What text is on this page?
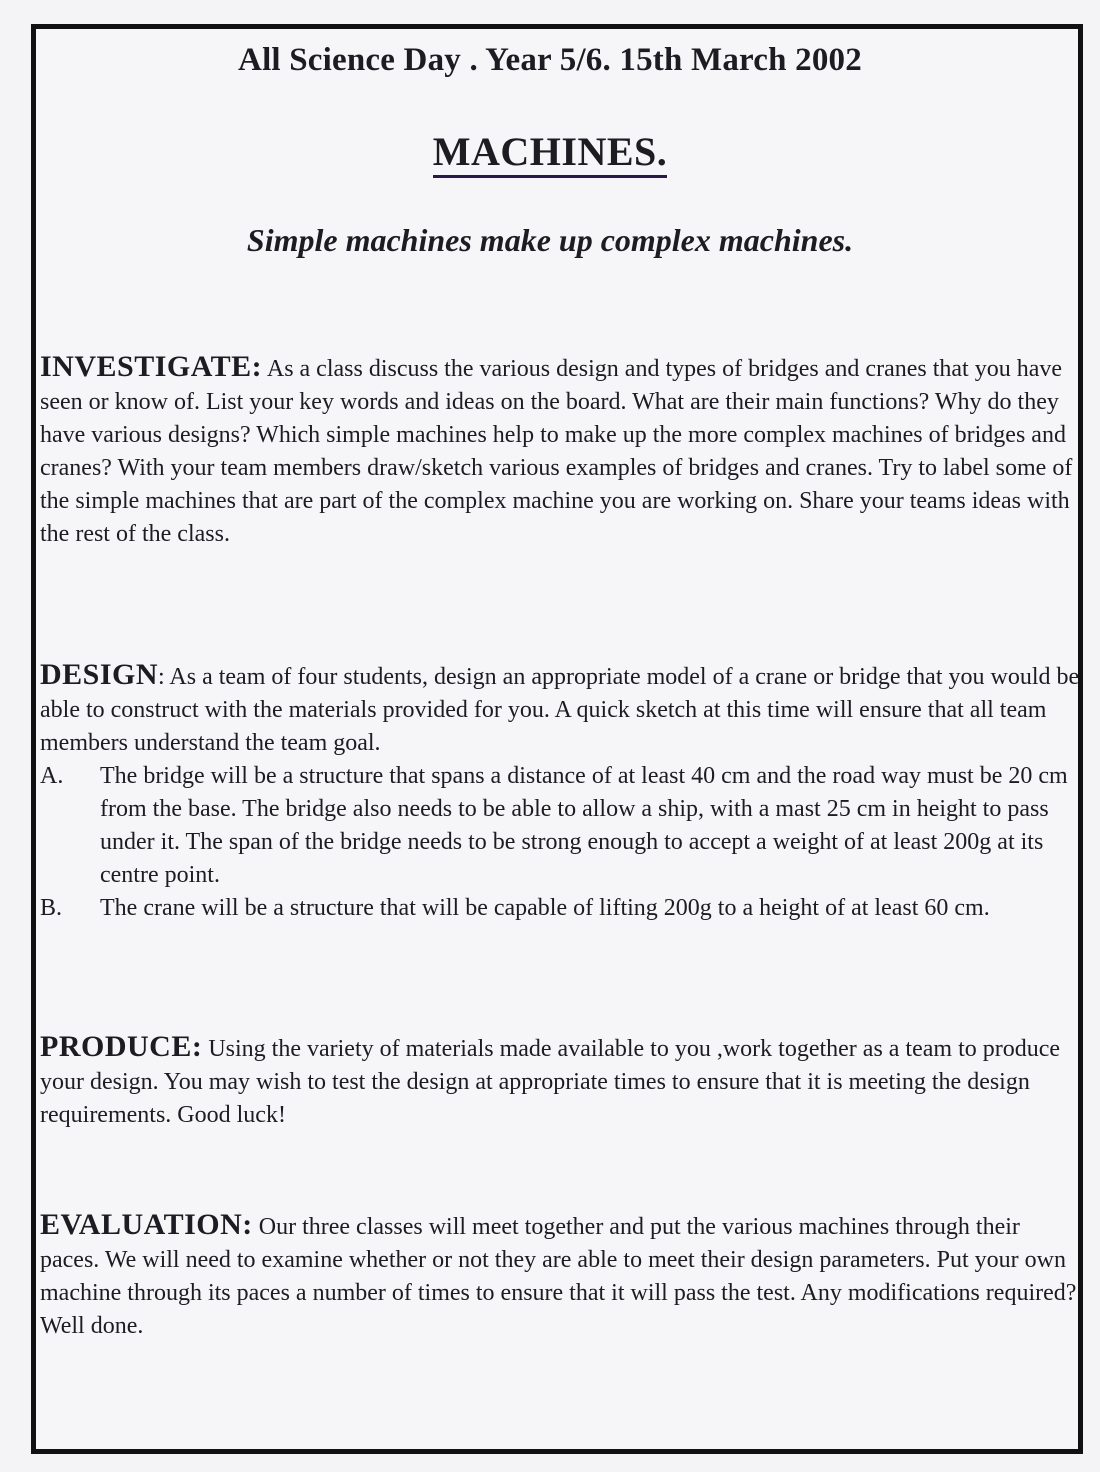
All Science Day . Year 5/6. 15th March 2002
MACHINES.
Simple machines make up complex machines.
INVESTIGATE: As a class discuss the various design and types of bridges and cranes that you have seen or know of. List your key words and ideas on the board. What are their main functions? Why do they have various designs? Which simple machines help to make up the more complex machines of bridges and cranes? With your team members draw/sketch various examples of bridges and cranes. Try to label some of the simple machines that are part of the complex machine you are working on. Share your teams ideas with the rest of the class.
DESIGN: As a team of four students, design an appropriate model of a crane or bridge that you would be able to construct with the materials provided for you. A quick sketch at this time will ensure that all team members understand the team goal.
A.	The bridge will be a structure that spans a distance of at least 40 cm and the road way must be 20 cm from the base. The bridge also needs to be able to allow a ship, with a mast 25 cm in height to pass under it. The span of the bridge needs to be strong enough to accept a weight of at least 200g at its centre point.
B.	The crane will be a structure that will be capable of lifting 200g to a height of at least 60 cm.
PRODUCE: Using the variety of materials made available to you ,work together as a team to produce your design. You may wish to test the design at appropriate times to ensure that it is meeting the design requirements. Good luck!
EVALUATION: Our three classes will meet together and put the various machines through their paces. We will need to examine whether or not they are able to meet their design parameters. Put your own machine through its paces a number of times to ensure that it will pass the test. Any modifications required? Well done.
